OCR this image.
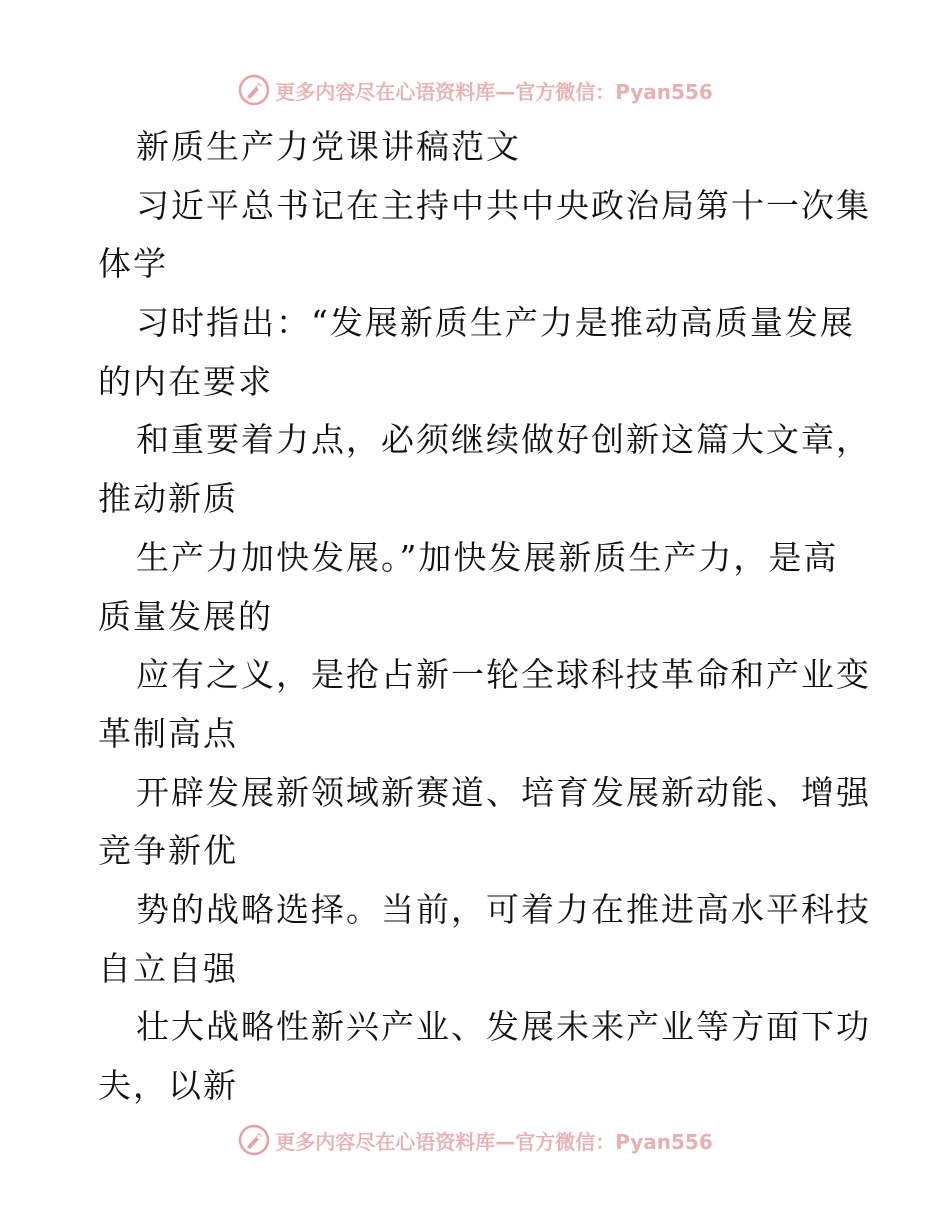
更多内容尽在心语资料库—官方微信：Pyan556
新质生产力党课讲稿范文
习近平总书记在主持中共中央政治局第十一次集
体学
习时指出：“发展新质生产力是推动高质量发展
的内在要求
和重要着力点，必须继续做好创新这篇大文章，
推动新质
生产力加快发展。”加快发展新质生产力，是高
质量发展的
应有之义，是抢占新一轮全球科技革命和产业变
革制高点
开辟发展新领域新赛道、培育发展新动能、增强
竞争新优
势的战略选择。当前，可着力在推进高水平科技
自立自强
壮大战略性新兴产业、发展未来产业等方面下功
夫，以新
更多内容尽在心语资料库—官方微信：Pyan556
